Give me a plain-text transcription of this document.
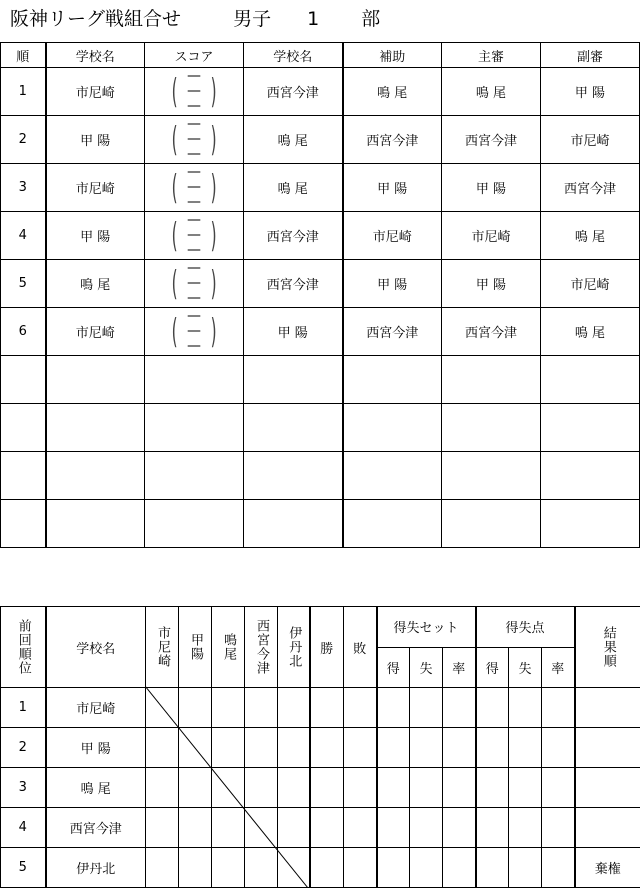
阪神リーグ戦組合せ	男子 1 部
順	学校名	スコア	学校名	補助	主審	副審
1	市尼崎	( —
—
— )	西宮今津	鳴 尾	鳴 尾	甲 陽
2	甲 陽	( —
—
— )	鳴 尾	西宮今津	西宮今津	市尼崎
3	市尼崎	( —
—
— )	鳴 尾	甲 陽	甲 陽	西宮今津
4	甲 陽	( —
—
— )	西宮今津	市尼崎	市尼崎	鳴 尾
5	鳴 尾	( —
—
— )	西宮今津	甲 陽	甲 陽	市尼崎
6	市尼崎	( —
—
— )	甲 陽	西宮今津	西宮今津	鳴 尾

前回順位	学校名	市尼崎	甲陽	鳴尾	西宮今津	伊丹北	勝	敗	得失セット			得失点			結果順

									得	失	率	得	失	率	
1	市尼崎														
2	甲 陽														
3	鳴 尾														
4	西宮今津														
5	伊丹北														棄権
